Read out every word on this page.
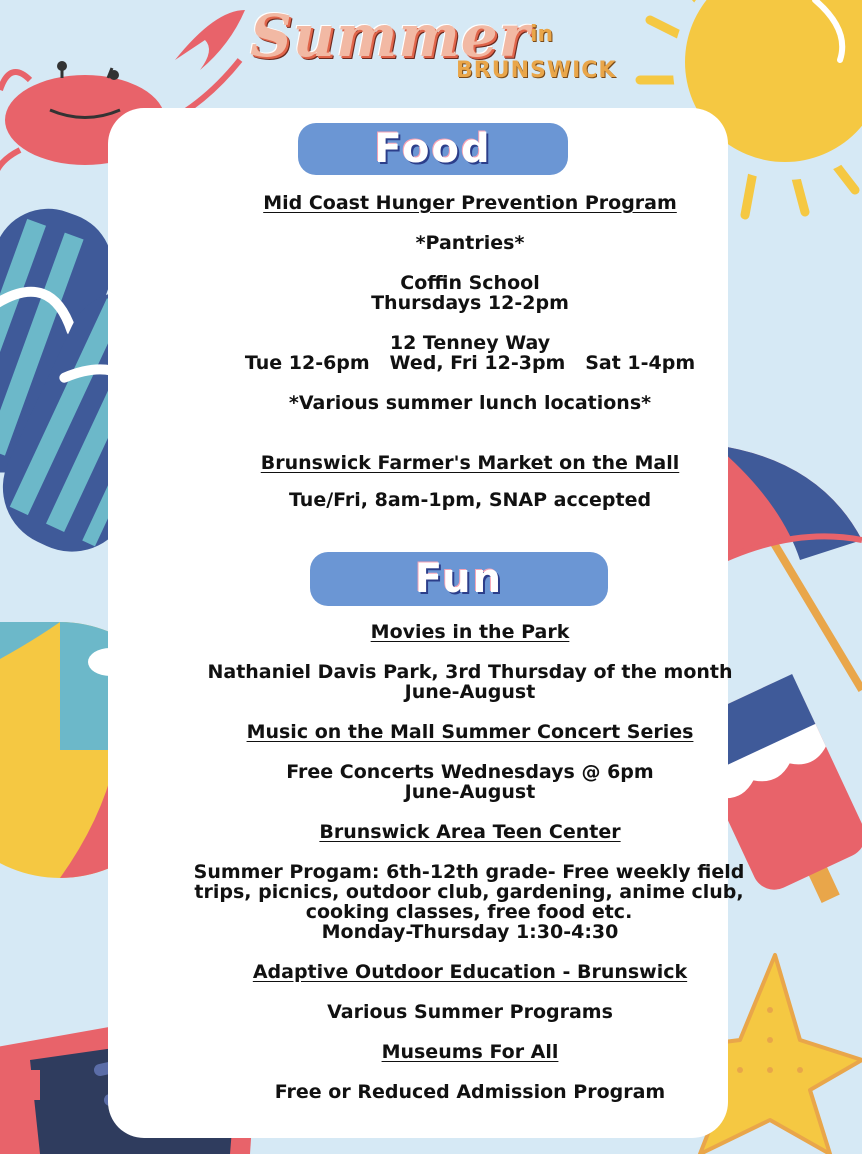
Summer in
BRUNSWICK
Food
Mid Coast Hunger Prevention Program
*Pantries*
Coffin School
Thursdays 12-2pm
12 Tenney Way
Tue 12-6pm   Wed, Fri 12-3pm   Sat 1-4pm
*Various summer lunch locations*
Brunswick Farmer's Market on the Mall
Tue/Fri, 8am-1pm, SNAP accepted
Fun
Movies in the Park
Nathaniel Davis Park, 3rd Thursday of the month
June-August
Music on the Mall Summer Concert Series
Free Concerts Wednesdays @ 6pm
June-August
Brunswick Area Teen Center
Summer Progam: 6th-12th grade- Free weekly field trips, picnics, outdoor club, gardening, anime club, cooking classes, free food etc.
Monday-Thursday 1:30-4:30
Adaptive Outdoor Education - Brunswick
Various Summer Programs
Museums For All
Free or Reduced Admission Program
